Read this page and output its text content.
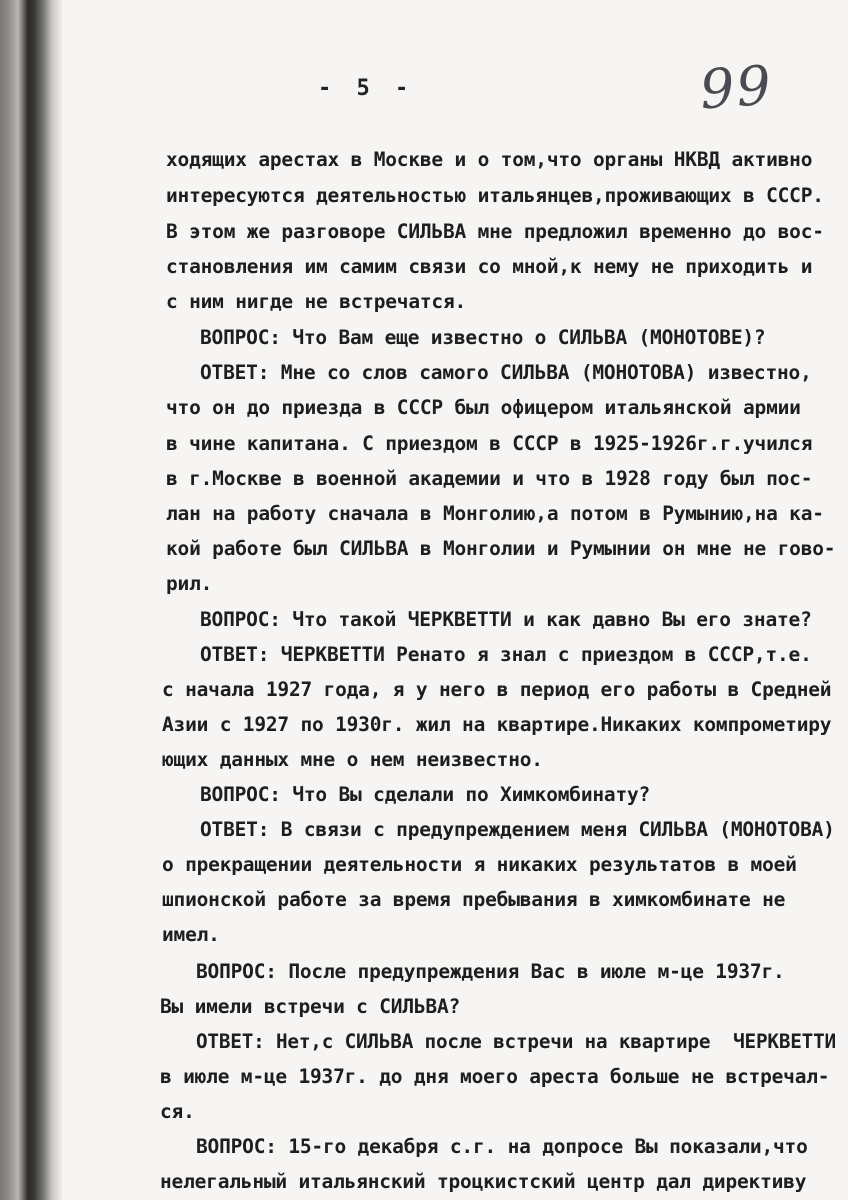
- 5 -	99

ходящих арестах в Москве и о том,что органы НКВД активно

интересуются деятельностью итальянцев,проживающих в СССР.

В этом же разговоре СИЛЬВА мне предложил временно до вос-

становления им самим связи со мной,к нему не приходить и

с ним нигде не встречатся.

ВОПРОС: Что Вам еще известно о СИЛЬВА (МОНОТОВЕ)?

ОТВЕТ: Мне со слов самого СИЛЬВА (МОНОТОВА) известно,

что он до приезда в СССР был офицером итальянской армии

в чине капитана. С приездом в СССР в 1925-1926г.г.учился

в г.Москве в военной академии и что в 1928 году был пос-

лан на работу сначала в Монголию,а потом в Румынию,на ка-

кой работе был СИЛЬВА в Монголии и Румынии он мне не гово-

рил.

ВОПРОС: Что такой ЧЕРКВЕТТИ и как давно Вы его знате?

ОТВЕТ: ЧЕРКВЕТТИ Ренато я знал с приездом в СССР,т.е.

с начала 1927 года, я у него в период его работы в Средней

Азии с 1927 по 1930г. жил на квартире.Никаких компрометиру

ющих данных мне о нем неизвестно.

ВОПРОС: Что Вы сделали по Химкомбинату?

ОТВЕТ: В связи с предупреждением меня СИЛЬВА (МОНОТОВА)

о прекращении деятельности я никаких результатов в моей

шпионской работе за время пребывания в химкомбинате не

имел.

ВОПРОС: После предупреждения Вас в июле м-це 1937г.

Вы имели встречи с СИЛЬВА?

ОТВЕТ: Нет,с СИЛЬВА после встречи на квартире  ЧЕРКВЕТТИ

в июле м-це 1937г. до дня моего ареста больше не встречал-

ся.

ВОПРОС: 15-го декабря с.г. на допросе Вы показали,что

нелегальный итальянский троцкистский центр дал директиву
